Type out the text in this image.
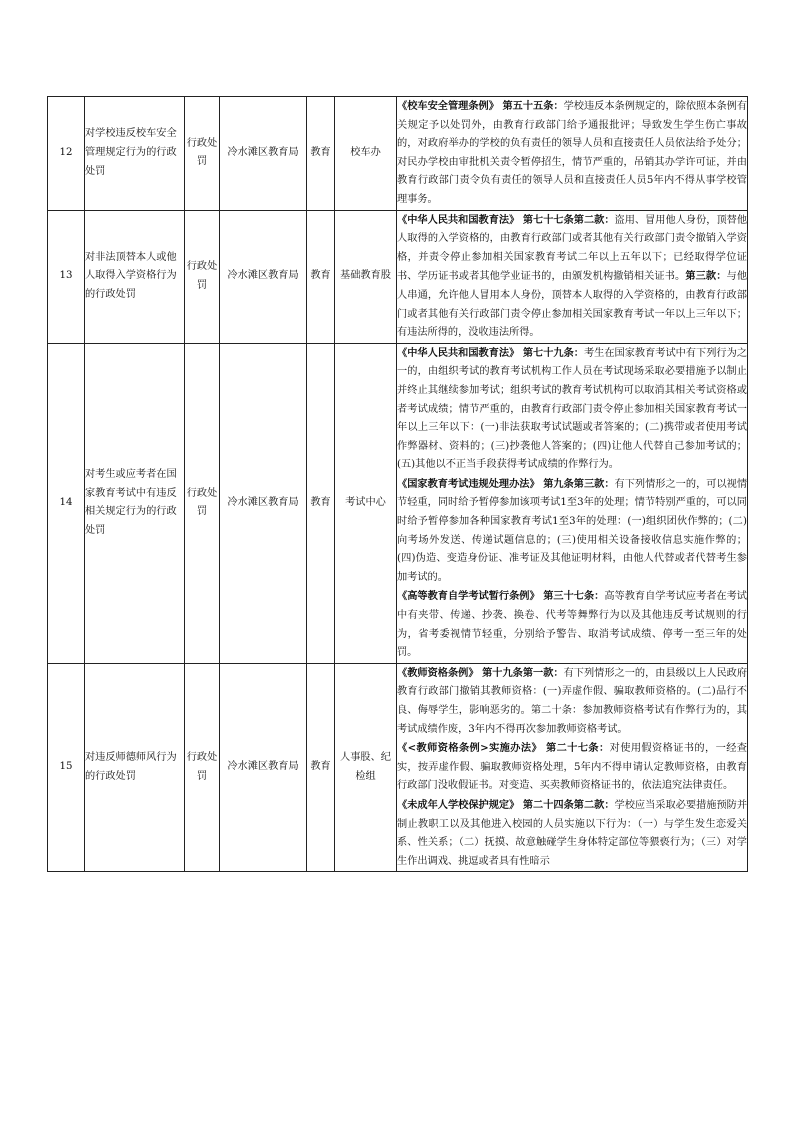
12	对学校违反校车安全管理规定行为的行政处罚	行政处罚	冷水滩区教育局	教育	校车办	《校车安全管理条例》 第五十五条：学校违反本条例规定的，除依照本条例有关规定予以处罚外，由教育行政部门给予通报批评；导致发生学生伤亡事故的，对政府举办的学校的负有责任的领导人员和直接责任人员依法给予处分；对民办学校由审批机关责令暂停招生，情节严重的，吊销其办学许可证，并由教育行政部门责令负有责任的领导人员和直接责任人员5年内不得从事学校管理事务。

13	对非法顶替本人或他人取得入学资格行为的行政处罚	行政处罚	冷水滩区教育局	教育	基础教育股	《中华人民共和国教育法》 第七十七条第二款：盗用、冒用他人身份，顶替他人取得的入学资格的，由教育行政部门或者其他有关行政部门责令撤销入学资格，并责令停止参加相关国家教育考试二年以上五年以下；已经取得学位证书、学历证书或者其他学业证书的，由颁发机构撤销相关证书。第三款：与他人串通，允许他人冒用本人身份，顶替本人取得的入学资格的，由教育行政部门或者其他有关行政部门责令停止参加相关国家教育考试一年以上三年以下；有违法所得的，没收违法所得。

14	对考生或应考者在国家教育考试中有违反相关规定行为的行政处罚	行政处罚	冷水滩区教育局	教育	考试中心	《中华人民共和国教育法》 第七十九条：考生在国家教育考试中有下列行为之一的，由组织考试的教育考试机构工作人员在考试现场采取必要措施予以制止并终止其继续参加考试；组织考试的教育考试机构可以取消其相关考试资格或者考试成绩；情节严重的，由教育行政部门责令停止参加相关国家教育考试一年以上三年以下：(一)非法获取考试试题或者答案的；(二)携带或者使用考试作弊器材、资料的；(三)抄袭他人答案的；(四)让他人代替自己参加考试的；(五)其他以不正当手段获得考试成绩的作弊行为。

《国家教育考试违规处理办法》 第九条第三款：有下列情形之一的，可以视情节轻重，同时给予暂停参加该项考试1至3年的处理；情节特别严重的，可以同时给予暂停参加各种国家教育考试1至3年的处理：(一)组织团伙作弊的；(二)向考场外发送、传递试题信息的；(三)使用相关设备接收信息实施作弊的；(四)伪造、变造身份证、准考证及其他证明材料，由他人代替或者代替考生参加考试的。

《高等教育自学考试暂行条例》 第三十七条：高等教育自学考试应考者在考试中有夹带、传递、抄袭、换卷、代考等舞弊行为以及其他违反考试规则的行为，省考委视情节轻重，分别给予警告、取消考试成绩、停考一至三年的处罚。

15	对违反师德师风行为的行政处罚	行政处罚	冷水滩区教育局	教育	人事股、纪检组	《教师资格条例》 第十九条第一款：有下列情形之一的，由县级以上人民政府教育行政部门撤销其教师资格：(一)弄虚作假、骗取教师资格的。(二)品行不良、侮辱学生，影响恶劣的。第二十条：参加教师资格考试有作弊行为的，其考试成绩作废，3年内不得再次参加教师资格考试。

《<教师资格条例>实施办法》 第二十七条：对使用假资格证书的，一经查实，按弄虚作假、骗取教师资格处理，5年内不得申请认定教师资格，由教育行政部门没收假证书。对变造、买卖教师资格证书的，依法追究法律责任。

《未成年人学校保护规定》 第二十四条第二款：学校应当采取必要措施预防并制止教职工以及其他进入校园的人员实施以下行为：（一）与学生发生恋爱关系、性关系；（二）抚摸、故意触碰学生身体特定部位等猥亵行为；（三）对学生作出调戏、挑逗或者具有性暗示
